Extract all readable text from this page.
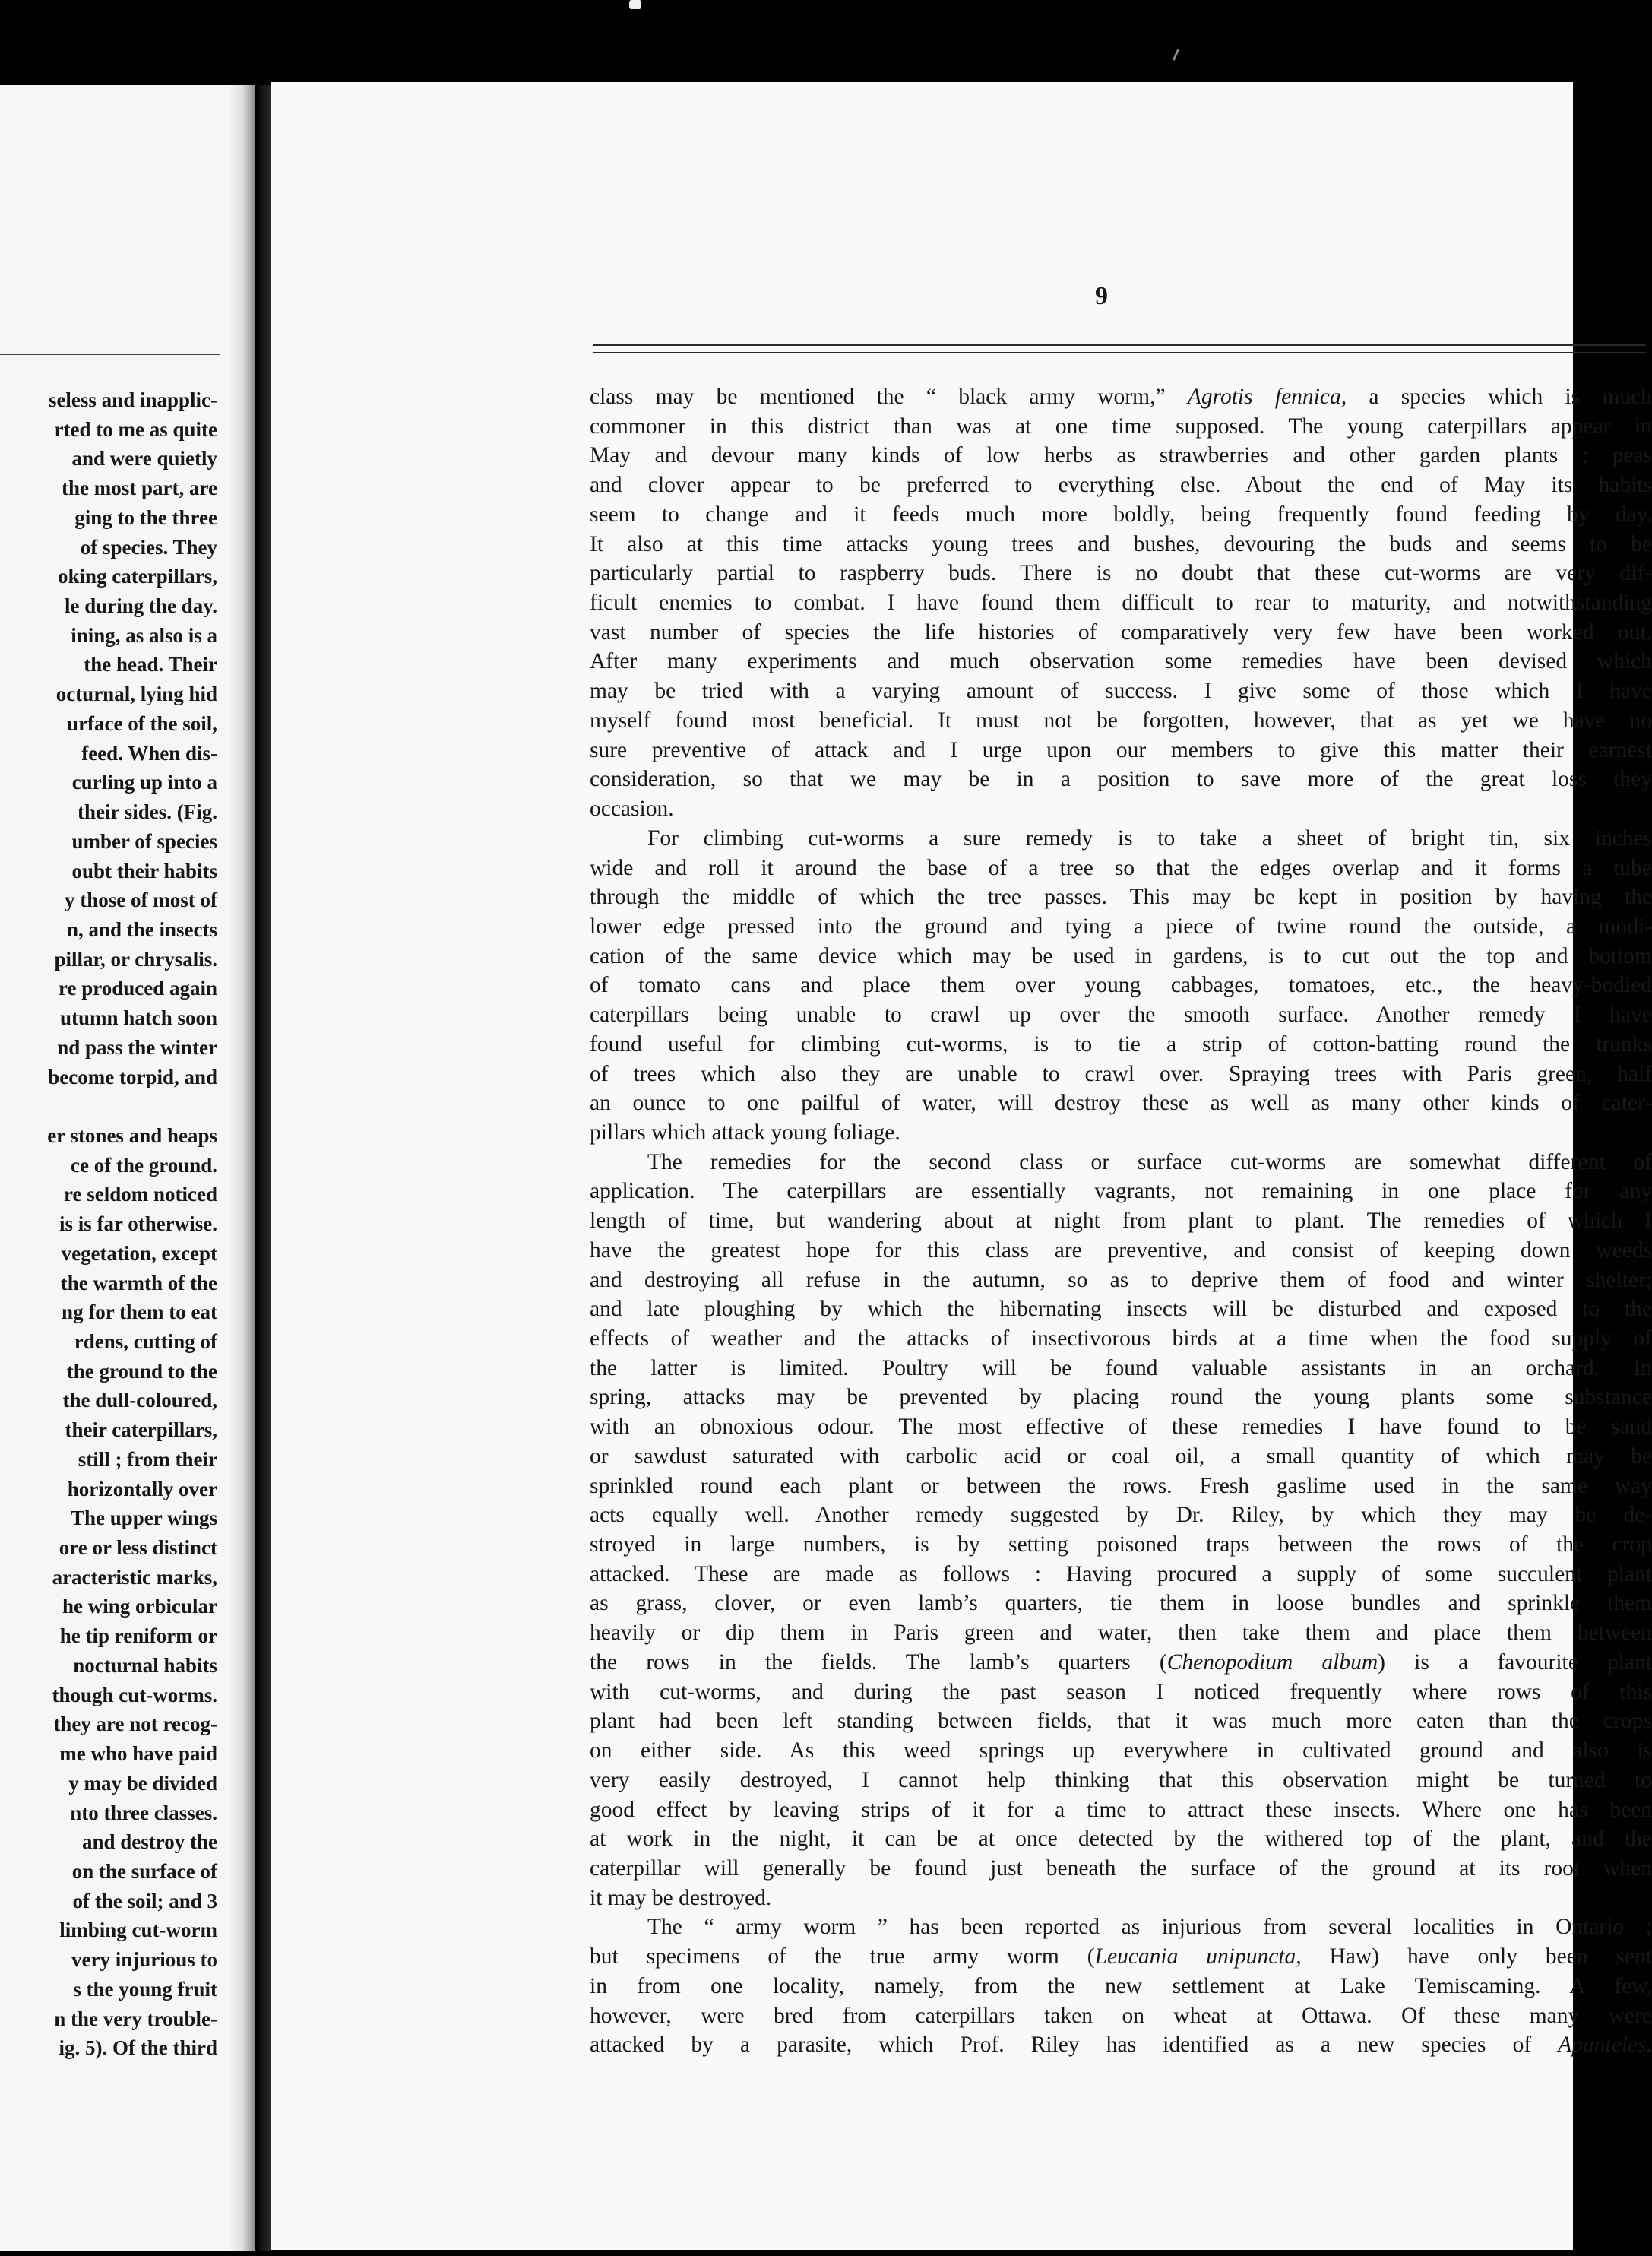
seless and inapplic-
rted to me as quite
and were quietly
the most part, are
ging to the three
of species. They
oking caterpillars,
le during the day.
ining, as also is a
the head. Their
octurnal, lying hid
urface of the soil,
feed. When dis-
curling up into a
their sides. (Fig.
umber of species
oubt their habits
y those of most of
n, and the insects
pillar, or chrysalis.
re produced again
utumn hatch soon
nd pass the winter
become torpid, and
er stones and heaps
ce of the ground.
re seldom noticed
is is far otherwise.
vegetation, except
the warmth of the
ng for them to eat
rdens, cutting of
the ground to the
the dull-coloured,
their caterpillars,
still ; from their
horizontally over
The upper wings
ore or less distinct
aracteristic marks,
he wing orbicular
he tip reniform or
nocturnal habits
though cut-worms.
they are not recog-
me who have paid
y may be divided
nto three classes.
and destroy the
on the surface of
of the soil; and 3
limbing cut-worm
very injurious to
s the young fruit
n the very trouble-
ig. 5). Of the third
9
class may be mentioned the “ black army worm,” Agrotis fennica, a species which is much
commoner in this district than was at one time supposed. The young caterpillars appear in
May and devour many kinds of low herbs as strawberries and other garden plants ; peas
and clover appear to be preferred to everything else. About the end of May its habits
seem to change and it feeds much more boldly, being frequently found feeding by day.
It also at this time attacks young trees and bushes, devouring the buds and seems to be
particularly partial to raspberry buds. There is no doubt that these cut-worms are very dif-
ficult enemies to combat. I have found them difficult to rear to maturity, and notwithstanding
vast number of species the life histories of comparatively very few have been worked out.
After many experiments and much observation some remedies have been devised which
may be tried with a varying amount of success. I give some of those which I have
myself found most beneficial. It must not be forgotten, however, that as yet we have no
sure preventive of attack and I urge upon our members to give this matter their earnest
consideration, so that we may be in a position to save more of the great loss they
occasion.
For climbing cut-worms a sure remedy is to take a sheet of bright tin, six inches
wide and roll it around the base of a tree so that the edges overlap and it forms a tube
through the middle of which the tree passes. This may be kept in position by having the
lower edge pressed into the ground and tying a piece of twine round the outside, a modi-
cation of the same device which may be used in gardens, is to cut out the top and bottom
of tomato cans and place them over young cabbages, tomatoes, etc., the heavy-bodied
caterpillars being unable to crawl up over the smooth surface. Another remedy I have
found useful for climbing cut-worms, is to tie a strip of cotton-batting round the trunks
of trees which also they are unable to crawl over. Spraying trees with Paris green, half
an ounce to one pailful of water, will destroy these as well as many other kinds of cater-
pillars which attack young foliage.
The remedies for the second class or surface cut-worms are somewhat different of
application. The caterpillars are essentially vagrants, not remaining in one place for any
length of time, but wandering about at night from plant to plant. The remedies of which I
have the greatest hope for this class are preventive, and consist of keeping down weeds
and destroying all refuse in the autumn, so as to deprive them of food and winter shelter;
and late ploughing by which the hibernating insects will be disturbed and exposed to the
effects of weather and the attacks of insectivorous birds at a time when the food supply of
the latter is limited. Poultry will be found valuable assistants in an orchard. In
spring, attacks may be prevented by placing round the young plants some substance
with an obnoxious odour. The most effective of these remedies I have found to be sand
or sawdust saturated with carbolic acid or coal oil, a small quantity of which may be
sprinkled round each plant or between the rows. Fresh gaslime used in the same way
acts equally well. Another remedy suggested by Dr. Riley, by which they may be de-
stroyed in large numbers, is by setting poisoned traps between the rows of the crop
attacked. These are made as follows : Having procured a supply of some succulent plant
as grass, clover, or even lamb’s quarters, tie them in loose bundles and sprinkle them
heavily or dip them in Paris green and water, then take them and place them between
the rows in the fields. The lamb’s quarters (Chenopodium album) is a favourite plant
with cut-worms, and during the past season I noticed frequently where rows of this
plant had been left standing between fields, that it was much more eaten than the crops
on either side. As this weed springs up everywhere in cultivated ground and also is
very easily destroyed, I cannot help thinking that this observation might be turned to
good effect by leaving strips of it for a time to attract these insects. Where one has been
at work in the night, it can be at once detected by the withered top of the plant, and the
caterpillar will generally be found just beneath the surface of the ground at its root when
it may be destroyed.
The “ army worm ” has been reported as injurious from several localities in Ontario ;
but specimens of the true army worm (Leucania unipuncta, Haw) have only been sent
in from one locality, namely, from the new settlement at Lake Temiscaming. A few,
however, were bred from caterpillars taken on wheat at Ottawa. Of these many were
attacked by a parasite, which Prof. Riley has identified as a new species of Apanteles.
